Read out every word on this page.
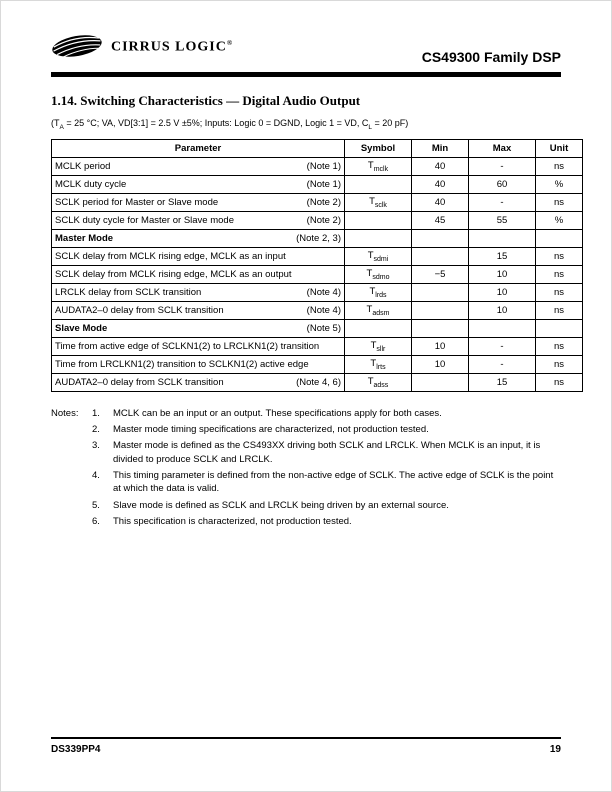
CIRRUS LOGIC®
CS49300 Family DSP
1.14. Switching Characteristics — Digital Audio Output
($T_A = 25$ °C; VA, VD[3:1] = 2.5 V ±5%; Inputs: Logic 0 = DGND, Logic 1 = VD, $C_L = 20$ pF)
Parameter	Symbol	Min	Max	Unit

MCLK period (Note 1)	$T_{mclk}$	40	-	ns

MCLK duty cycle (Note 1)		40	60	%

SCLK period for Master or Slave mode (Note 2)	$T_{sclk}$	40	-	ns

SCLK duty cycle for Master or Slave mode (Note 2)		45	55	%

Master Mode (Note 2, 3)				

SCLK delay from MCLK rising edge, MCLK as an input	$T_{sdmi}$		15	ns

SCLK delay from MCLK rising edge, MCLK as an output	$T_{sdmo}$	−5	10	ns

LRCLK delay from SCLK transition (Note 4)	$T_{lrds}$		10	ns

AUDATA2–0 delay from SCLK transition (Note 4)	$T_{adsm}$		10	ns

Slave Mode (Note 5)				

Time from active edge of SCLKN1(2) to LRCLKN1(2) transition	$T_{sllr}$	10	-	ns

Time from LRCLKN1(2) transition to SCLKN1(2) active edge	$T_{lrts}$	10	-	ns

AUDATA2–0 delay from SCLK transition (Note 4, 6)	$T_{adss}$		15	ns
Notes:	1.	MCLK can be an input or an output. These specifications apply for both cases.
2.	Master mode timing specifications are characterized, not production tested.
3.	Master mode is defined as the CS493XX driving both SCLK and LRCLK. When MCLK is an input, it is divided to produce SCLK and LRCLK.
4.	This timing parameter is defined from the non-active edge of SCLK. The active edge of SCLK is the point at which the data is valid.
5.	Slave mode is defined as SCLK and LRCLK being driven by an external source.
6.	This specification is characterized, not production tested.
DS339PP4	19
